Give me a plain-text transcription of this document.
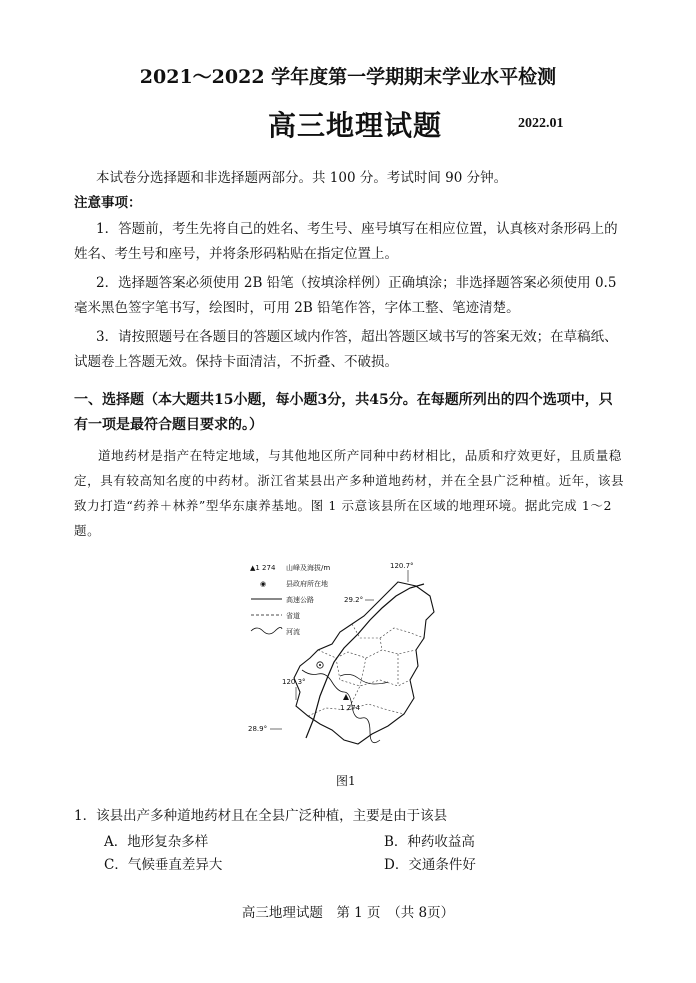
2021～2022 学年度第一学期期末学业水平检测
高三地理试题	2022.01
本试卷分选择题和非选择题两部分。共 100 分。考试时间 90 分钟。
注意事项：
1．答题前，考生先将自己的姓名、考生号、座号填写在相应位置，认真核对条形码上的姓名、考生号和座号，并将条形码粘贴在指定位置上。
2．选择题答案必须使用 2B 铅笔（按填涂样例）正确填涂；非选择题答案必须使用 0.5 毫米黑色签字笔书写，绘图时，可用 2B 铅笔作答，字体工整、笔迹清楚。
3．请按照题号在各题目的答题区域内作答，超出答题区域书写的答案无效；在草稿纸、试题卷上答题无效。保持卡面清洁，不折叠、不破损。
一、选择题（本大题共15小题，每小题3分，共45分。在每题所列出的四个选项中，只有一项是最符合题目要求的。）
道地药材是指产在特定地域，与其他地区所产同种中药材相比，品质和疗效更好，且质量稳定，具有较高知名度的中药材。浙江省某县出产多种道地药材，并在全县广泛种植。近年，该县致力打造“药养＋林养”型华东康养基地。图 1 示意该县所在区域的地理环境。据此完成 1～2 题。
▲1 274 山峰及海拔/m
◉	县政府所在地
高速公路
省道
河流
120.7°
29.2°
120.3°
28.9°
1 274
图1
1．该县出产多种道地药材且在全县广泛种植，主要是由于该县
A．地形复杂多样	B．种药收益高
C．气候垂直差异大	D．交通条件好
高三地理试题　第 1 页　（共 8页）
